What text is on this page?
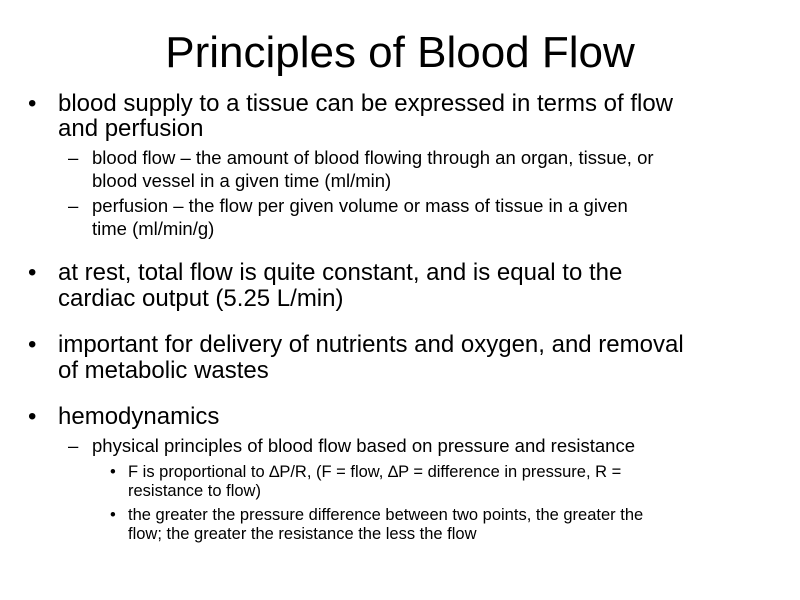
Principles of Blood Flow
• blood supply to a tissue can be expressed in terms of flow
and perfusion
– blood flow – the amount of blood flowing through an organ, tissue, or
blood vessel in a given time (ml/min)
– perfusion – the flow per given volume or mass of tissue in a given
time (ml/min/g)
• at rest, total flow is quite constant, and is equal to the
cardiac output (5.25 L/min)
• important for delivery of nutrients and oxygen, and removal
of metabolic wastes
• hemodynamics
– physical principles of blood flow based on pressure and resistance
• F is proportional to ∆P/R, (F = flow, ∆P = difference in pressure, R =
resistance to flow)
• the greater the pressure difference between two points, the greater the
flow; the greater the resistance the less the flow
